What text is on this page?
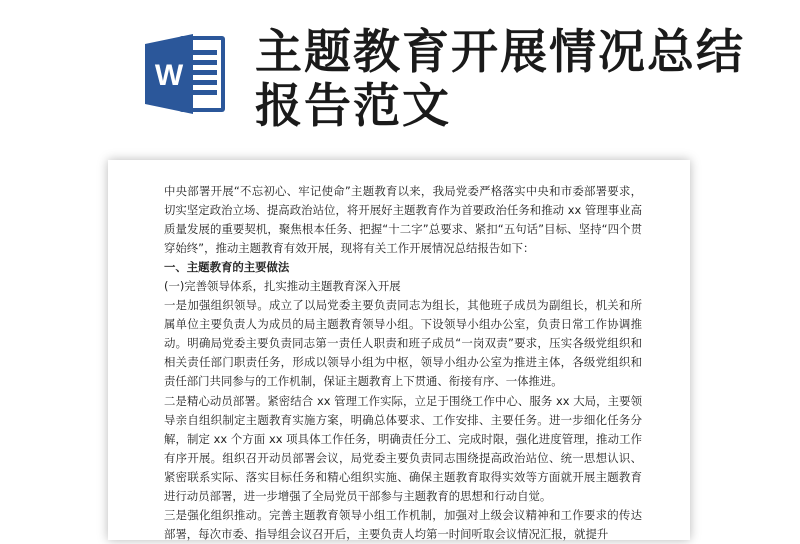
W 主题教育开展情况总结报告范文

中央部署开展“不忘初心、牢记使命”主题教育以来，我局党委严格落实中央和市委部署要求，切实坚定政治立场、提高政治站位，将开展好主题教育作为首要政治任务和推动 xx 管理事业高质量发展的重要契机，聚焦根本任务、把握“十二字”总要求、紧扣“五句话”目标、坚持“四个贯穿始终”，推动主题教育有效开展，现将有关工作开展情况总结报告如下：

一、主题教育的主要做法

(一)完善领导体系，扎实推动主题教育深入开展

一是加强组织领导。成立了以局党委主要负责同志为组长，其他班子成员为副组长，机关和所属单位主要负责人为成员的局主题教育领导小组。下设领导小组办公室，负责日常工作协调推动。明确局党委主要负责同志第一责任人职责和班子成员“一岗双责”要求，压实各级党组织和相关责任部门职责任务，形成以领导小组为中枢，领导小组办公室为推进主体，各级党组织和责任部门共同参与的工作机制，保证主题教育上下贯通、衔接有序、一体推进。

二是精心动员部署。紧密结合 xx 管理工作实际，立足于围绕工作中心、服务 xx 大局，主要领导亲自组织制定主题教育实施方案，明确总体要求、工作安排、主要任务。进一步细化任务分解，制定 xx 个方面 xx 项具体工作任务，明确责任分工、完成时限，强化进度管理，推动工作有序开展。组织召开动员部署会议，局党委主要负责同志围绕提高政治站位、统一思想认识、紧密联系实际、落实目标任务和精心组织实施、确保主题教育取得实效等方面就开展主题教育进行动员部署，进一步增强了全局党员干部参与主题教育的思想和行动自觉。

三是强化组织推动。完善主题教育领导小组工作机制，加强对上级会议精神和工作要求的传达部署，每次市委、指导组会议召开后，主要负责人均第一时间听取会议情况汇报，就提升
